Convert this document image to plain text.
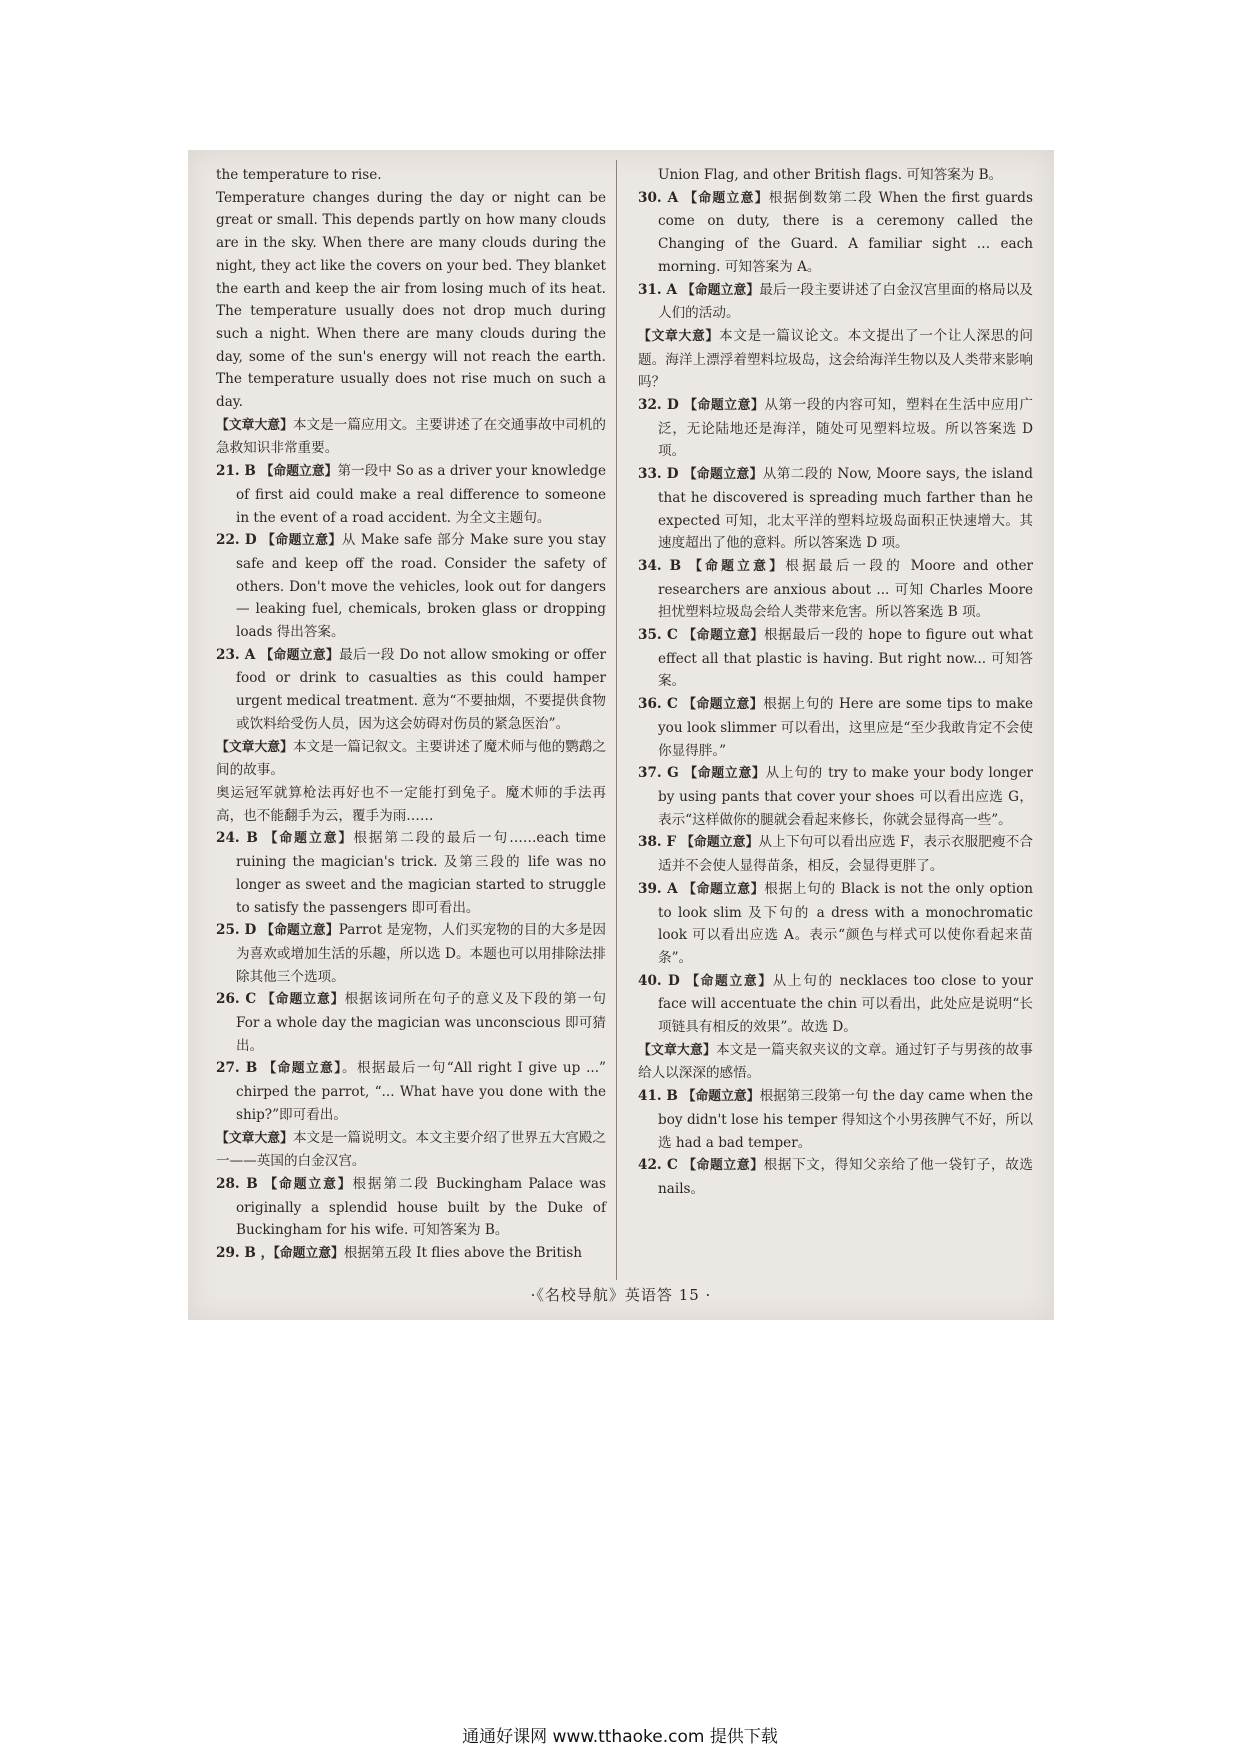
the temperature to rise.

Temperature changes during the day or night can be great or small. This depends partly on how many clouds are in the sky. When there are many clouds during the night, they act like the covers on your bed. They blanket the earth and keep the air from losing much of its heat. The temperature usually does not drop much during such a night. When there are many clouds during the day, some of the sun's energy will not reach the earth. The temperature usually does not rise much on such a day.

【文章大意】本文是一篇应用文。主要讲述了在交通事故中司机的急救知识非常重要。

21. B 【命题立意】第一段中 So as a driver your knowledge of first aid could make a real difference to someone in the event of a road accident. 为全文主题句。

22. D 【命题立意】从 Make safe 部分 Make sure you stay safe and keep off the road. Consider the safety of others. Don't move the vehicles, look out for dangers — leaking fuel, chemicals, broken glass or dropping loads 得出答案。

23. A 【命题立意】最后一段 Do not allow smoking or offer food or drink to casualties as this could hamper urgent medical treatment. 意为“不要抽烟，不要提供食物或饮料给受伤人员，因为这会妨碍对伤员的紧急医治”。

【文章大意】本文是一篇记叙文。主要讲述了魔术师与他的鹦鹉之间的故事。

奥运冠军就算枪法再好也不一定能打到兔子。魔术师的手法再高，也不能翻手为云，覆手为雨……

24. B 【命题立意】根据第二段的最后一句……each time ruining the magician's trick. 及第三段的 life was no longer as sweet and the magician started to struggle to satisfy the passengers 即可看出。

25. D 【命题立意】Parrot 是宠物，人们买宠物的目的大多是因为喜欢或增加生活的乐趣，所以选 D。本题也可以用排除法排除其他三个选项。

26. C 【命题立意】根据该词所在句子的意义及下段的第一句 For a whole day the magician was unconscious 即可猜出。

27. B 【命题立意】。根据最后一句“All right I give up ...” chirped the parrot, “... What have you done with the ship?”即可看出。

【文章大意】本文是一篇说明文。本文主要介绍了世界五大宫殿之一——英国的白金汉宫。

28. B 【命题立意】根据第二段 Buckingham Palace was originally a splendid house built by the Duke of Buckingham for his wife. 可知答案为 B。

29. B ，【命题立意】根据第五段 It flies above the British

Union Flag, and other British flags. 可知答案为 B。

30. A 【命题立意】根据倒数第二段 When the first guards come on duty, there is a ceremony called the Changing of the Guard. A familiar sight … each morning. 可知答案为 A。

31. A 【命题立意】最后一段主要讲述了白金汉宫里面的格局以及人们的活动。

【文章大意】本文是一篇议论文。本文提出了一个让人深思的问题。海洋上漂浮着塑料垃圾岛，这会给海洋生物以及人类带来影响吗？

32. D 【命题立意】从第一段的内容可知，塑料在生活中应用广泛，无论陆地还是海洋，随处可见塑料垃圾。所以答案选 D 项。

33. D 【命题立意】从第二段的 Now, Moore says, the island that he discovered is spreading much farther than he expected 可知，北太平洋的塑料垃圾岛面积正快速增大。其速度超出了他的意料。所以答案选 D 项。

34. B 【命题立意】根据最后一段的 Moore and other researchers are anxious about ... 可知 Charles Moore 担忧塑料垃圾岛会给人类带来危害。所以答案选 B 项。

35. C 【命题立意】根据最后一段的 hope to figure out what effect all that plastic is having. But right now... 可知答案。

36. C 【命题立意】根据上句的 Here are some tips to make you look slimmer 可以看出，这里应是“至少我敢肯定不会使你显得胖。”

37. G 【命题立意】从上句的 try to make your body longer by using pants that cover your shoes 可以看出应选 G，表示“这样做你的腿就会看起来修长，你就会显得高一些”。

38. F 【命题立意】从上下句可以看出应选 F，表示衣服肥瘦不合适并不会使人显得苗条，相反，会显得更胖了。

39. A 【命题立意】根据上句的 Black is not the only option to look slim 及下句的 a dress with a monochromatic look 可以看出应选 A。表示“颜色与样式可以使你看起来苗条”。

40. D 【命题立意】从上句的 necklaces too close to your face will accentuate the chin 可以看出，此处应是说明“长项链具有相反的效果”。故选 D。

【文章大意】本文是一篇夹叙夹议的文章。通过钉子与男孩的故事给人以深深的感悟。

41. B 【命题立意】根据第三段第一句 the day came when the boy didn't lose his temper 得知这个小男孩脾气不好，所以选 had a bad temper。

42. C 【命题立意】根据下文，得知父亲给了他一袋钉子，故选 nails。

·《名校导航》英语答 15 ·
通通好课网 www.tthaoke.com 提供下载
